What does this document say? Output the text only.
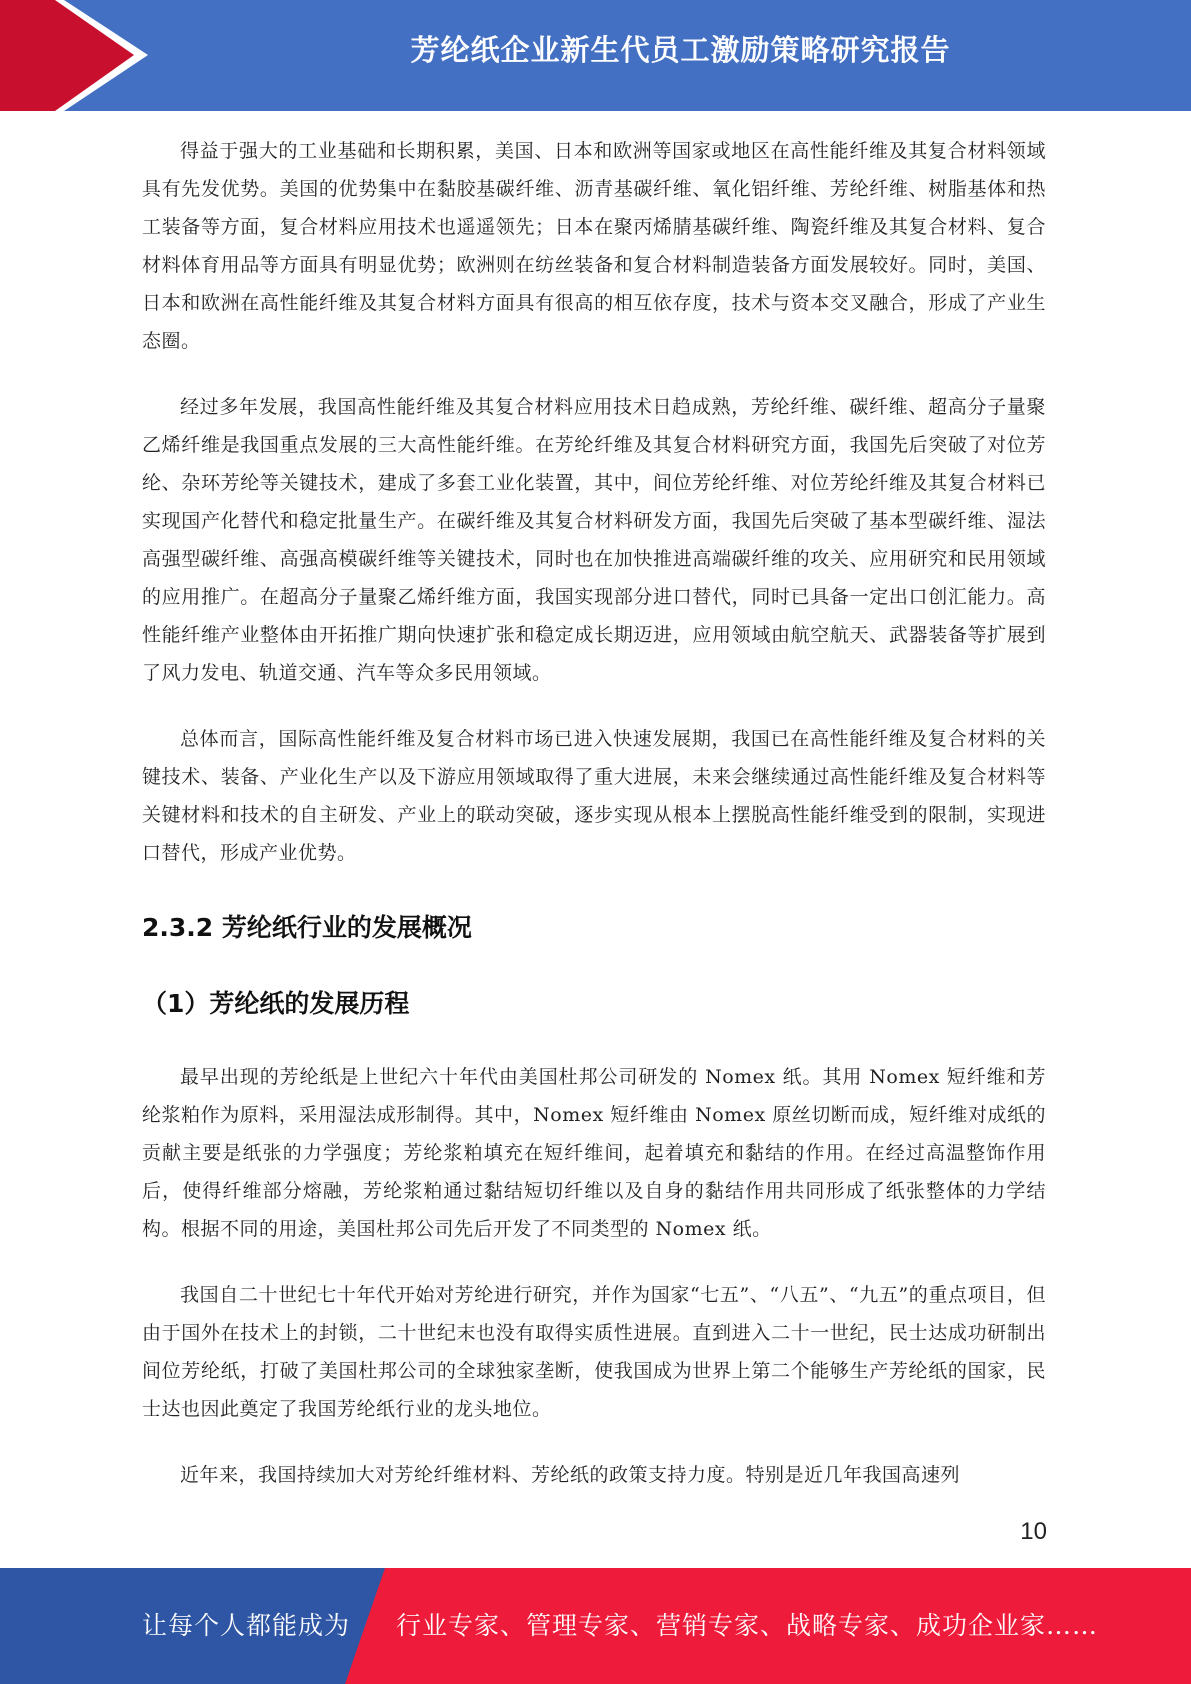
芳纶纸企业新生代员工激励策略研究报告

得益于强大的工业基础和长期积累，美国、日本和欧洲等国家或地区在高性能纤维及其复合材料领域具有先发优势。美国的优势集中在黏胶基碳纤维、沥青基碳纤维、氧化铝纤维、芳纶纤维、树脂基体和热工装备等方面，复合材料应用技术也遥遥领先；日本在聚丙烯腈基碳纤维、陶瓷纤维及其复合材料、复合材料体育用品等方面具有明显优势；欧洲则在纺丝装备和复合材料制造装备方面发展较好。同时，美国、日本和欧洲在高性能纤维及其复合材料方面具有很高的相互依存度，技术与资本交叉融合，形成了产业生态圈。

经过多年发展，我国高性能纤维及其复合材料应用技术日趋成熟，芳纶纤维、碳纤维、超高分子量聚乙烯纤维是我国重点发展的三大高性能纤维。在芳纶纤维及其复合材料研究方面，我国先后突破了对位芳纶、杂环芳纶等关键技术，建成了多套工业化装置，其中，间位芳纶纤维、对位芳纶纤维及其复合材料已实现国产化替代和稳定批量生产。在碳纤维及其复合材料研发方面，我国先后突破了基本型碳纤维、湿法高强型碳纤维、高强高模碳纤维等关键技术，同时也在加快推进高端碳纤维的攻关、应用研究和民用领域的应用推广。在超高分子量聚乙烯纤维方面，我国实现部分进口替代，同时已具备一定出口创汇能力。高性能纤维产业整体由开拓推广期向快速扩张和稳定成长期迈进，应用领域由航空航天、武器装备等扩展到了风力发电、轨道交通、汽车等众多民用领域。

总体而言，国际高性能纤维及复合材料市场已进入快速发展期，我国已在高性能纤维及复合材料的关键技术、装备、产业化生产以及下游应用领域取得了重大进展，未来会继续通过高性能纤维及复合材料等关键材料和技术的自主研发、产业上的联动突破，逐步实现从根本上摆脱高性能纤维受到的限制，实现进口替代，形成产业优势。

2.3.2 芳纶纸行业的发展概况
（1）芳纶纸的发展历程

最早出现的芳纶纸是上世纪六十年代由美国杜邦公司研发的 Nomex 纸。其用 Nomex 短纤维和芳纶浆粕作为原料，采用湿法成形制得。其中，Nomex 短纤维由 Nomex 原丝切断而成，短纤维对成纸的贡献主要是纸张的力学强度；芳纶浆粕填充在短纤维间，起着填充和黏结的作用。在经过高温整饰作用后，使得纤维部分熔融，芳纶浆粕通过黏结短切纤维以及自身的黏结作用共同形成了纸张整体的力学结构。根据不同的用途，美国杜邦公司先后开发了不同类型的 Nomex 纸。

我国自二十世纪七十年代开始对芳纶进行研究，并作为国家“七五”、“八五”、“九五”的重点项目，但由于国外在技术上的封锁，二十世纪末也没有取得实质性进展。直到进入二十一世纪，民士达成功研制出间位芳纶纸，打破了美国杜邦公司的全球独家垄断，使我国成为世界上第二个能够生产芳纶纸的国家，民士达也因此奠定了我国芳纶纸行业的龙头地位。

近年来，我国持续加大对芳纶纤维材料、芳纶纸的政策支持力度。特别是近几年我国高速列

10
让每个人都能成为 行业专家、管理专家、营销专家、战略专家、成功企业家……
